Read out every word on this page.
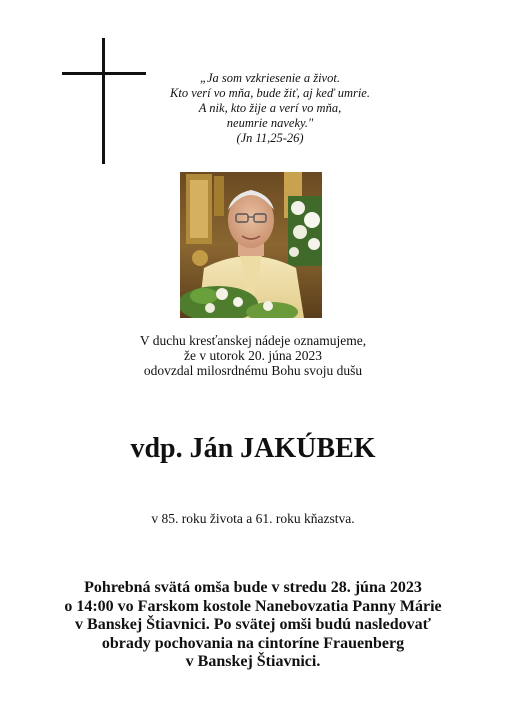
„Ja som vzkriesenie a život.
Kto verí vo mňa, bude žiť, aj keď umrie.
A nik, kto žije a verí vo mňa,
neumrie naveky."
(Jn 11,25-26)
V duchu kresťanskej nádeje oznamujeme,
že v utorok 20. júna 2023
odovzdal milosrdnému Bohu svoju dušu
vdp. Ján JAKÚBEK
v 85. roku života a 61. roku kňazstva.
Pohrebná svätá omša bude v stredu 28. júna 2023
o 14:00 vo Farskom kostole Nanebovzatia Panny Márie
v Banskej Štiavnici. Po svätej omši budú nasledovať
obrady pochovania na cintoríne Frauenberg
v Banskej Štiavnici.
